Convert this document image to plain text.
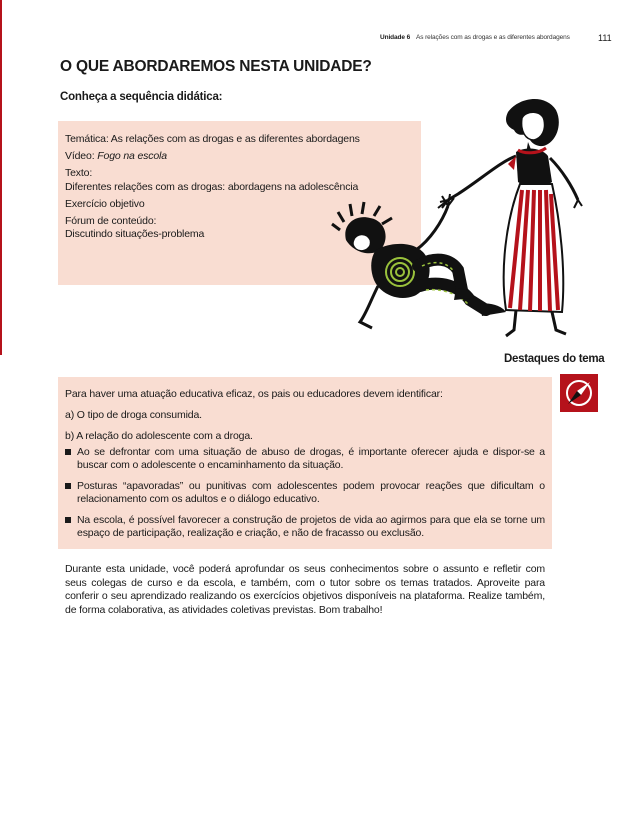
Unidade 6 As relações com as drogas e as diferentes abordagens	111
O QUE ABORDAREMOS NESTA UNIDADE?
Conheça a sequência didática:
Temática: As relações com as drogas e as diferentes abordagens
Vídeo: Fogo na escola
Texto:
Diferentes relações com as drogas: abordagens na adolescência
Exercício objetivo
Fórum de conteúdo:
Discutindo situações-problema
Destaques do tema
Para haver uma atuação educativa eficaz, os pais ou educadores devem identificar:
a) O tipo de droga consumida.
b) A relação do adolescente com a droga.
Ao se defrontar com uma situação de abuso de drogas, é importante oferecer ajuda e dispor-se a buscar com o adolescente o encaminhamento da situação.
Posturas “apavoradas” ou punitivas com adolescentes podem provocar reações que dificultam o relacionamento com os adultos e o diálogo educativo.
Na escola, é possível favorecer a construção de projetos de vida ao agirmos para que ela se torne um espaço de participação, realização e criação, e não de fracasso ou exclusão.

Durante esta unidade, você poderá aprofundar os seus conhecimentos sobre o assunto e refletir com seus colegas de curso e da escola, e também, com o tutor sobre os temas tratados. Aproveite para conferir o seu aprendizado realizando os exercícios objetivos disponíveis na plataforma. Realize também, de forma colaborativa, as atividades coletivas previstas. Bom trabalho!
